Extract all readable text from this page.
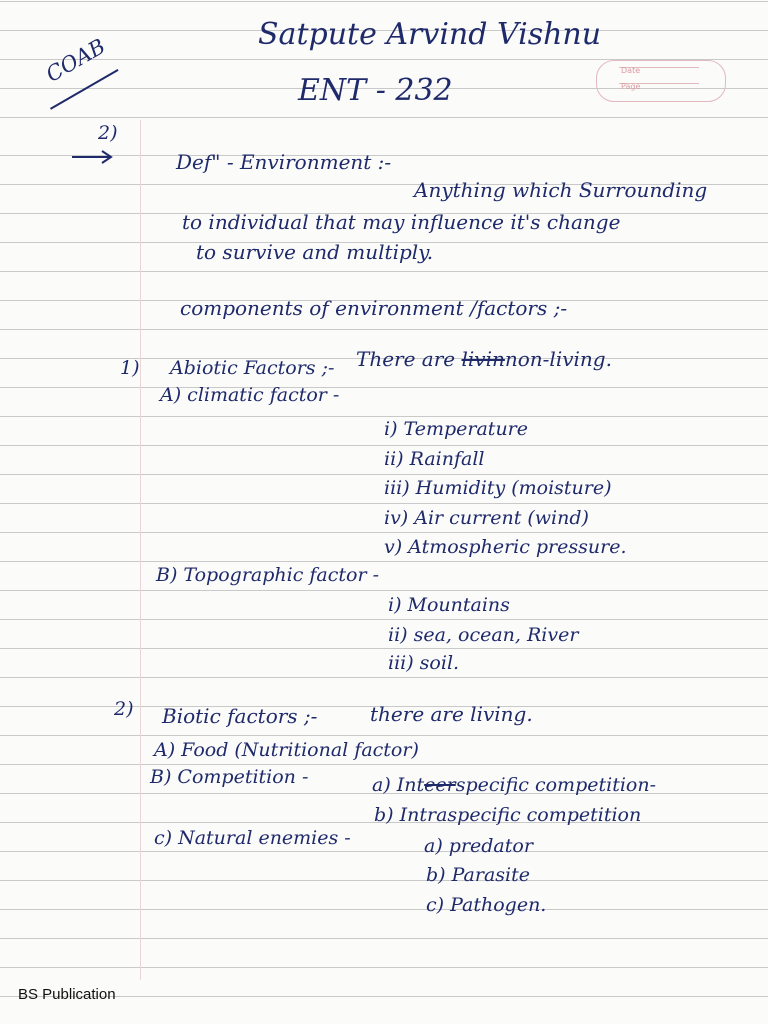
Date
Page
Satpute Arvind Vishnu
ENT - 232
COAB
2)
Def" - Environment :-
Anything which Surrounding
to individual that may influence it's change
to survive and multiply.
components of environment /factors ;-
1) Abiotic Factors ;- There are livinnon-living.
A) climatic factor -
i) Temperature
ii) Rainfall
iii) Humidity (moisture)
iv) Air current (wind)
v) Atmospheric pressure.
B) Topographic factor -
i) Mountains
ii) sea, ocean, River
iii) soil.
2) Biotic factors ;-	there are living.
A) Food (Nutritional factor)
B) Competition -	a) Inteerspecific competition-
b) Intraspecific competition
c) Natural enemies -	a) predator
b) Parasite
c) Pathogen.
BS Publication
